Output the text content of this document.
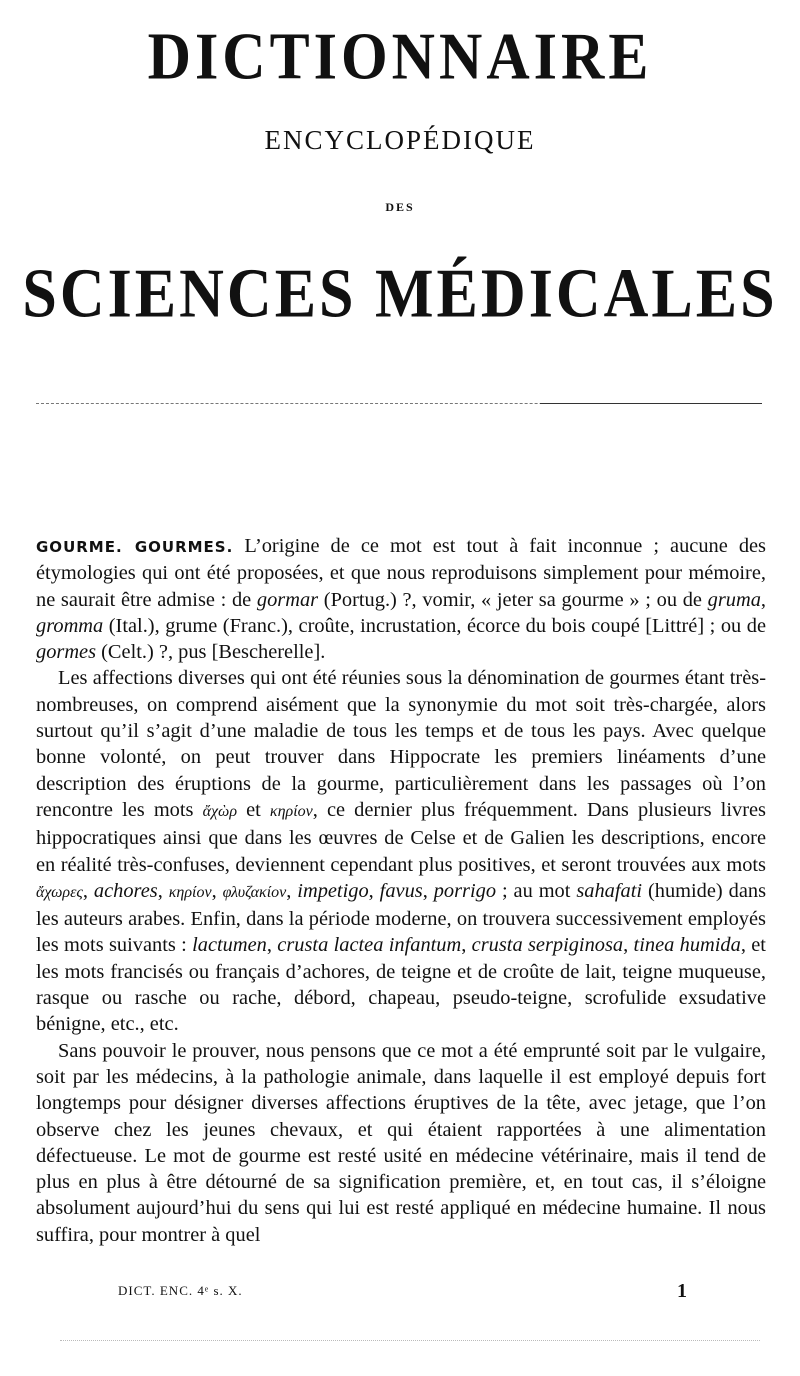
DICTIONNAIRE
ENCYCLOPÉDIQUE
DES
SCIENCES MÉDICALES

GOURME. GOURMES. L’origine de ce mot est tout à fait inconnue ; aucune des étymologies qui ont été proposées, et que nous reproduisons simplement pour mémoire, ne saurait être admise : de gormar (Portug.) ?, vomir, « jeter sa gourme » ; ou de gruma, gromma (Ital.), grume (Franc.), croûte, incrustation, écorce du bois coupé [Littré] ; ou de gormes (Celt.) ?, pus [Bescherelle].

Les affections diverses qui ont été réunies sous la dénomination de gourmes étant très-nombreuses, on comprend aisément que la synonymie du mot soit très-chargée, alors surtout qu’il s’agit d’une maladie de tous les temps et de tous les pays. Avec quelque bonne volonté, on peut trouver dans Hippocrate les premiers linéaments d’une description des éruptions de la gourme, particulièrement dans les passages où l’on rencontre les mots ἄχὼρ et κηρίον, ce dernier plus fréquemment. Dans plusieurs livres hippocratiques ainsi que dans les œuvres de Celse et de Galien les descriptions, encore en réalité très-confuses, deviennent cependant plus positives, et seront trouvées aux mots ἄχωρες, achores, κηρίον, φλυζακίον, impetigo, favus, porrigo ; au mot sahafati (humide) dans les auteurs arabes. Enfin, dans la période moderne, on trouvera successivement employés les mots suivants : lactumen, crusta lactea infantum, crusta serpiginosa, tinea humida, et les mots francisés ou français d’achores, de teigne et de croûte de lait, teigne muqueuse, rasque ou rasche ou rache, débord, chapeau, pseudo-teigne, scrofulide exsudative bénigne, etc., etc.

Sans pouvoir le prouver, nous pensons que ce mot a été emprunté soit par le vulgaire, soit par les médecins, à la pathologie animale, dans laquelle il est employé depuis fort longtemps pour désigner diverses affections éruptives de la tête, avec jetage, que l’on observe chez les jeunes chevaux, et qui étaient rapportées à une alimentation défectueuse. Le mot de gourme est resté usité en médecine vétérinaire, mais il tend de plus en plus à être détourné de sa signification première, et, en tout cas, il s’éloigne absolument aujourd’hui du sens qui lui est resté appliqué en médecine humaine. Il nous suffira, pour montrer à quel

DICT. ENC. 4ᵉ s. X.	1
